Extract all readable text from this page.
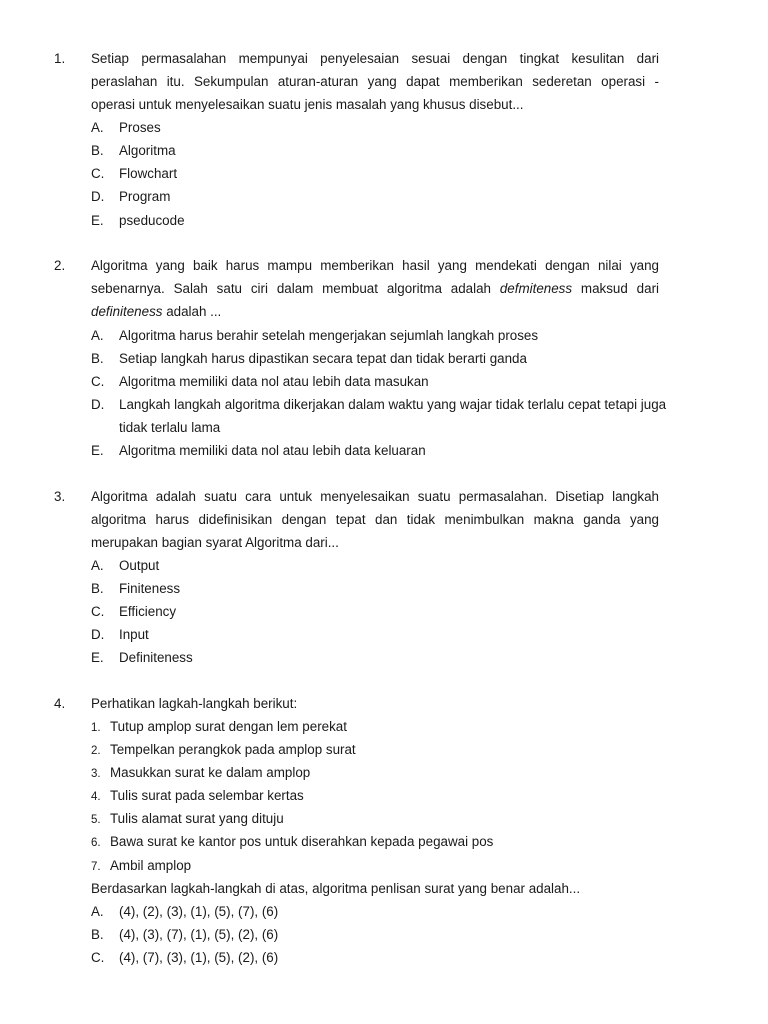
1. Setiap permasalahan mempunyai penyelesaian sesuai dengan tingkat kesulitan dari
peraslahan itu. Sekumpulan aturan-aturan yang dapat memberikan sederetan operasi -
operasi untuk menyelesaikan suatu jenis masalah yang khusus disebut...
A. Proses
B. Algoritma
C. Flowchart
D. Program
E. pseducode
2. Algoritma yang baik harus mampu memberikan hasil yang mendekati dengan nilai yang
sebenarnya. Salah satu ciri dalam membuat algoritma adalah defmiteness maksud dari
definiteness adalah ...
A. Algoritma harus berahir setelah mengerjakan sejumlah langkah proses
B. Setiap langkah harus dipastikan secara tepat dan tidak berarti ganda
C. Algoritma memiliki data nol atau lebih data masukan
D. Langkah langkah algoritma dikerjakan dalam waktu yang wajar tidak terlalu cepat tetapi juga
tidak terlalu lama
E. Algoritma memiliki data nol atau lebih data keluaran
3. Algoritma adalah suatu cara untuk menyelesaikan suatu permasalahan. Disetiap langkah
algoritma harus didefinisikan dengan tepat dan tidak menimbulkan makna ganda yang
merupakan bagian syarat Algoritma dari...
A. Output
B. Finiteness
C. Efficiency
D. Input
E. Definiteness
4. Perhatikan lagkah-langkah berikut:
1. Tutup amplop surat dengan lem perekat
2. Tempelkan perangkok pada amplop surat
3. Masukkan surat ke dalam amplop
4. Tulis surat pada selembar kertas
5. Tulis alamat surat yang dituju
6. Bawa surat ke kantor pos untuk diserahkan kepada pegawai pos
7. Ambil amplop
Berdasarkan lagkah-langkah di atas, algoritma penlisan surat yang benar adalah...
A. (4), (2), (3), (1), (5), (7), (6)
B. (4), (3), (7), (1), (5), (2), (6)
C. (4), (7), (3), (1), (5), (2), (6)
